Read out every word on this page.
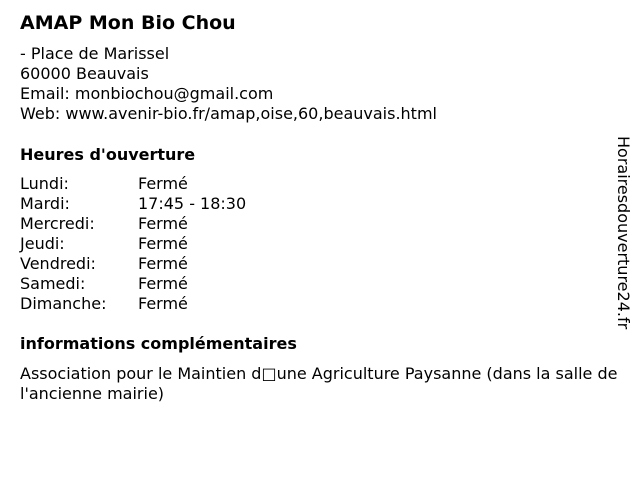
AMAP Mon Bio Chou
- Place de Marissel
60000 Beauvais
Email: monbiochou@gmail.com
Web: www.avenir-bio.fr/amap,oise,60,beauvais.html
Heures d'ouverture
Lundi:	Fermé
Mardi:	17:45 - 18:30
Mercredi:	Fermé
Jeudi:	Fermé
Vendredi:	Fermé
Samedi:	Fermé
Dimanche:	Fermé
informations complémentaires
Association pour le Maintien d□une Agriculture Paysanne (dans la salle de l'ancienne mairie)
Horairesdouverture24.fr
